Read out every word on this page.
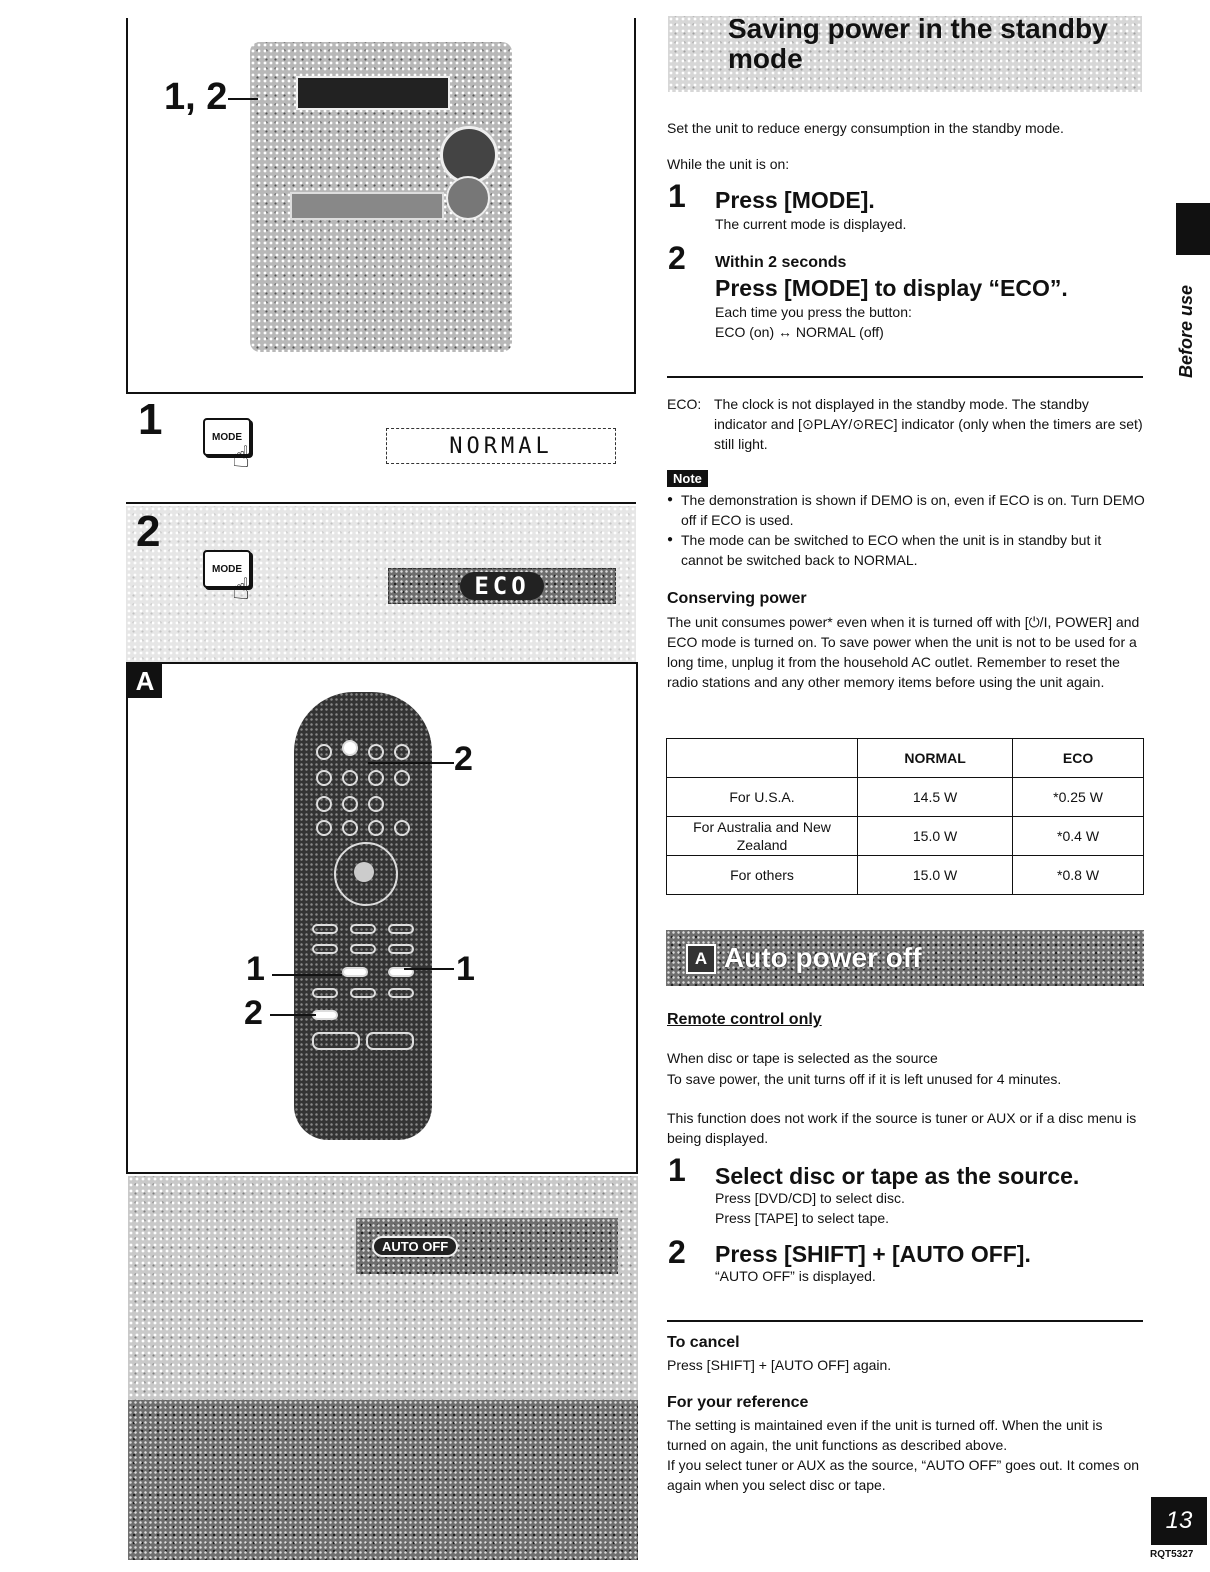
1, 2
1	MODE
☝	NORMAL
2
MODE
☝	ECO
A
2
1	1
2
AUTO OFF
Saving power in the standby
mode
Set the unit to reduce energy consumption in the standby mode.
While the unit is on:
1 Press [MODE].
The current mode is displayed.
2 Within 2 seconds
Press [MODE] to display “ECO”.
Each time you press the button:
ECO (on) ↔ NORMAL (off)
ECO: The clock is not displayed in the standby mode. The standby indicator and [⊙PLAY/⊙REC] indicator (only when the timers are set) still light.
Note
● The demonstration is shown if DEMO is on, even if ECO is on. Turn DEMO off if ECO is used.
● The mode can be switched to ECO when the unit is in standby but it cannot be switched back to NORMAL.
Conserving power
The unit consumes power* even when it is turned off with [⏻/I, POWER] and ECO mode is turned on. To save power when the unit is not to be used for a long time, unplug it from the household AC outlet. Remember to reset the radio stations and any other memory items before using the unit again.
	NORMAL	ECO
For U.S.A.	14.5 W	*0.25 W
For Australia and New Zealand	15.0 W	*0.4 W
For others	15.0 W	*0.8 W
A Auto power off
Remote control only
When disc or tape is selected as the source
To save power, the unit turns off if it is left unused for 4 minutes.
This function does not work if the source is tuner or AUX or if a disc menu is being displayed.
1 Select disc or tape as the source.
Press [DVD/CD] to select disc.
Press [TAPE] to select tape.
2 Press [SHIFT] + [AUTO OFF].
“AUTO OFF” is displayed.
To cancel
Press [SHIFT] + [AUTO OFF] again.
For your reference
The setting is maintained even if the unit is turned off. When the unit is turned on again, the unit functions as described above.
If you select tuner or AUX as the source, “AUTO OFF” goes out. It comes on again when you select disc or tape.
Before use
13
RQT5327
